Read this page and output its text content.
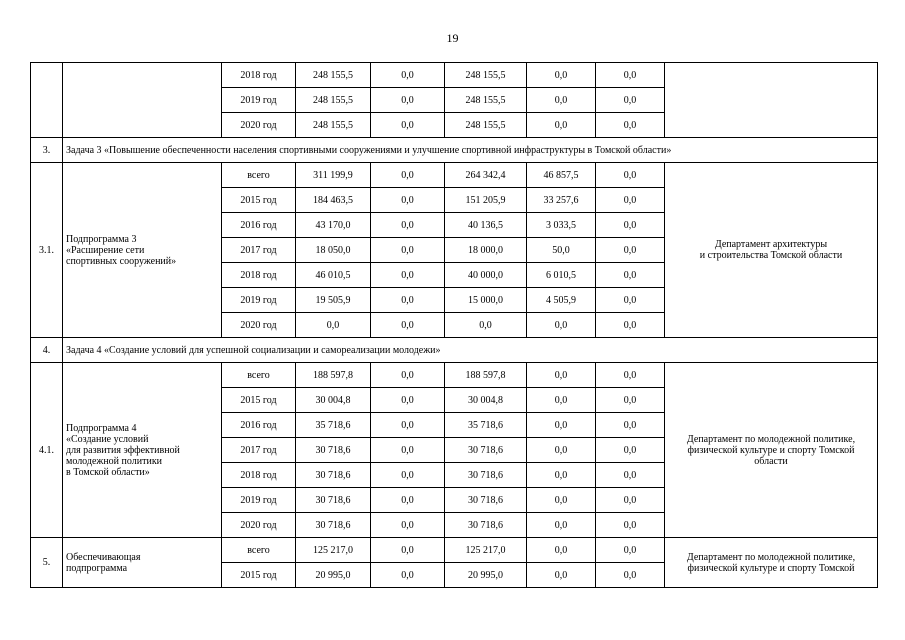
19
		2018 год	248 155,5	0,0	248 155,5	0,0	0,0	
		2019 год	248 155,5	0,0	248 155,5	0,0	0,0	
		2020 год	248 155,5	0,0	248 155,5	0,0	0,0	
3.	Задача 3 «Повышение обеспеченности населения спортивными сооружениями и улучшение спортивной инфраструктуры в Томской области»							
3.1.	Подпрограмма 3
«Расширение сети
спортивных сооружений»	всего	311 199,9	0,0	264 342,4	46 857,5	0,0	Департамент архитектуры
и строительства Томской области
		2015 год	184 463,5	0,0	151 205,9	33 257,6	0,0	
		2016 год	43 170,0	0,0	40 136,5	3 033,5	0,0	
		2017 год	18 050,0	0,0	18 000,0	50,0	0,0	
		2018 год	46 010,5	0,0	40 000,0	6 010,5	0,0	
		2019 год	19 505,9	0,0	15 000,0	4 505,9	0,0	
		2020 год	0,0	0,0	0,0	0,0	0,0	
4.	Задача 4 «Создание условий для успешной социализации и самореализации молодежи»							
4.1.	Подпрограмма 4
«Создание условий
для развития эффективной
молодежной политики
в Томской области»	всего	188 597,8	0,0	188 597,8	0,0	0,0	Департамент по молодежной политике,
физической культуре и спорту Томской
области
		2015 год	30 004,8	0,0	30 004,8	0,0	0,0	
		2016 год	35 718,6	0,0	35 718,6	0,0	0,0	
		2017 год	30 718,6	0,0	30 718,6	0,0	0,0	
		2018 год	30 718,6	0,0	30 718,6	0,0	0,0	
		2019 год	30 718,6	0,0	30 718,6	0,0	0,0	
		2020 год	30 718,6	0,0	30 718,6	0,0	0,0	
5.	Обеспечивающая
подпрограмма	всего	125 217,0	0,0	125 217,0	0,0	0,0	Департамент по молодежной политике,
физической культуре и спорту Томской
		2015 год	20 995,0	0,0	20 995,0	0,0	0,0	
